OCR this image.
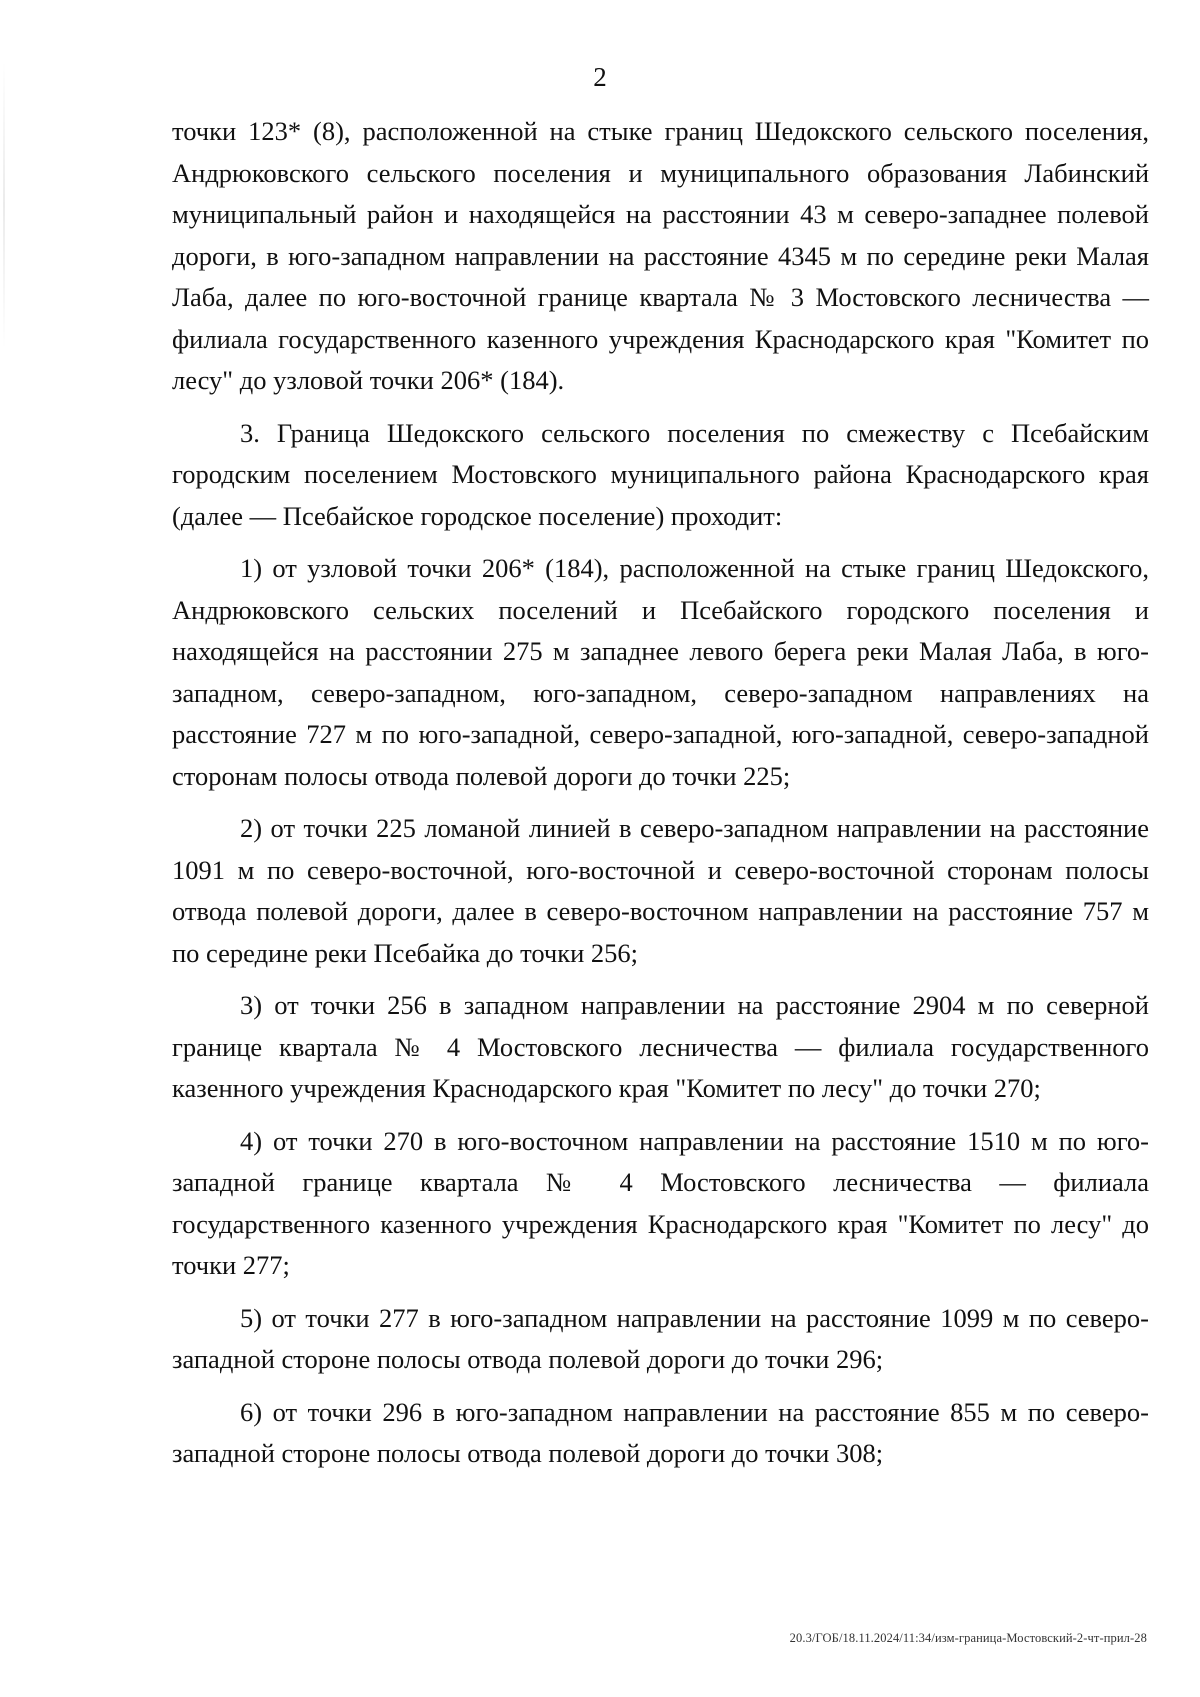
2

точки 123* (8), расположенной на стыке границ Шедокского сельского поселения, Андрюковского сельского поселения и муниципального образования Лабинский муниципальный район и находящейся на расстоянии 43 м северо-западнее полевой дороги, в юго-западном направлении на расстояние 4345 м по середине реки Малая Лаба, далее по юго-восточной границе квартала № 3 Мостовского лесничества — филиала государственного казенного учреждения Краснодарского края "Комитет по лесу" до узловой точки 206* (184).

3. Граница Шедокского сельского поселения по смежеству с Псебайским городским поселением Мостовского муниципального района Краснодарского края (далее — Псебайское городское поселение) проходит:

1) от узловой точки 206* (184), расположенной на стыке границ Шедокского, Андрюковского сельских поселений и Псебайского городского поселения и находящейся на расстоянии 275 м западнее левого берега реки Малая Лаба, в юго-западном, северо-западном, юго-западном, северо-западном направлениях на расстояние 727 м по юго-западной, северо-западной, юго-западной, северо-западной сторонам полосы отвода полевой дороги до точки 225;

2) от точки 225 ломаной линией в северо-западном направлении на расстояние 1091 м по северо-восточной, юго-восточной и северо-восточной сторонам полосы отвода полевой дороги, далее в северо-восточном направлении на расстояние 757 м по середине реки Псебайка до точки 256;

3) от точки 256 в западном направлении на расстояние 2904 м по северной границе квартала № 4 Мостовского лесничества — филиала государственного казенного учреждения Краснодарского края "Комитет по лесу" до точки 270;

4) от точки 270 в юго-восточном направлении на расстояние 1510 м по юго-западной границе квартала № 4 Мостовского лесничества — филиала государственного казенного учреждения Краснодарского края "Комитет по лесу" до точки 277;

5) от точки 277 в юго-западном направлении на расстояние 1099 м по северо-западной стороне полосы отвода полевой дороги до точки 296;

6) от точки 296 в юго-западном направлении на расстояние 855 м по северо-западной стороне полосы отвода полевой дороги до точки 308;

20.3/ГОБ/18.11.2024/11:34/изм-граница-Мостовский-2-чт-прил-28
